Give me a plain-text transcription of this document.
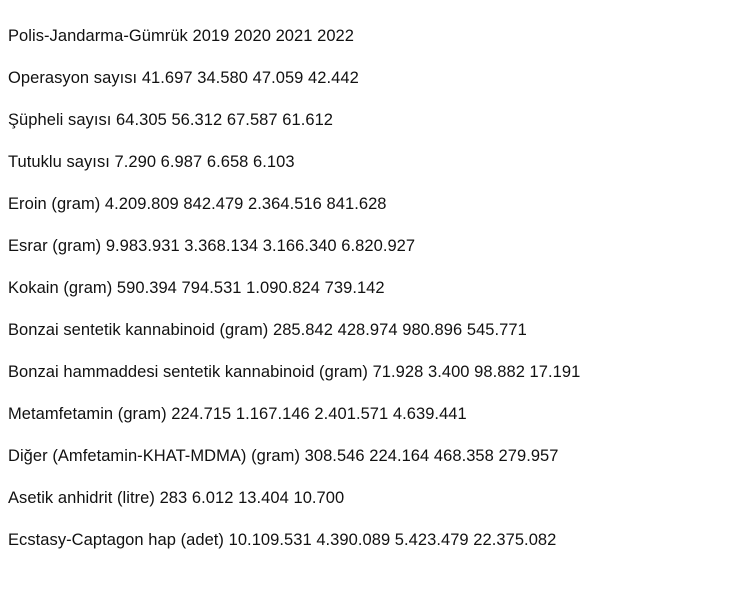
Polis-Jandarma-Gümrük 2019 2020 2021 2022
Operasyon sayısı 41.697 34.580 47.059 42.442
Şüpheli sayısı 64.305 56.312 67.587 61.612
Tutuklu sayısı 7.290 6.987 6.658 6.103
Eroin (gram) 4.209.809 842.479 2.364.516 841.628
Esrar (gram) 9.983.931 3.368.134 3.166.340 6.820.927
Kokain (gram) 590.394 794.531 1.090.824 739.142
Bonzai sentetik kannabinoid (gram) 285.842 428.974 980.896 545.771
Bonzai hammaddesi sentetik kannabinoid (gram) 71.928 3.400 98.882 17.191
Metamfetamin (gram) 224.715 1.167.146 2.401.571 4.639.441
Diğer (Amfetamin-KHAT-MDMA) (gram) 308.546 224.164 468.358 279.957
Asetik anhidrit (litre) 283 6.012 13.404 10.700
Ecstasy-Captagon hap (adet) 10.109.531 4.390.089 5.423.479 22.375.082
